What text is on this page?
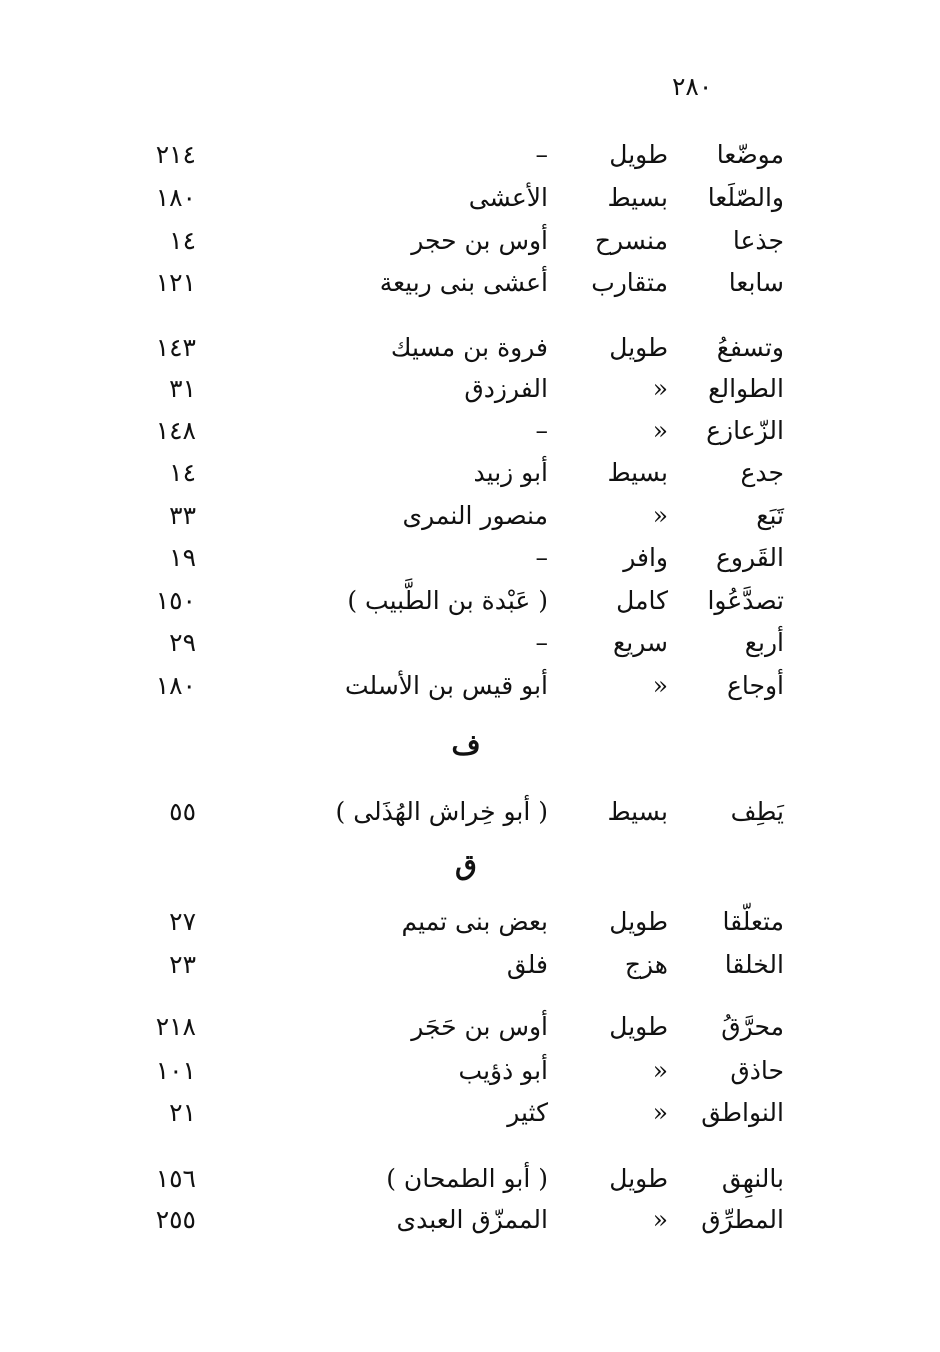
٢٨٠
موضّعا
طويل
–
٢١٤
والصّلَعا
بسيط
الأعشى
١٨٠
جذعا
منسرح
أوس بن حجر
١٤
سابعا
متقارب
أعشى بنى ربيعة
١٢١
وتسفعُ
طويل
فروة بن مسيك
١٤٣
الطوالع
«
الفرزدق
٣١
الزّعازع
«
–
١٤٨
جدع
بسيط
أبو زبيد
١٤
تَبَع
«
منصور النمرى
٣٣
القَروع
وافر
–
١٩
تصدَّعُوا
كامل
( عَبْدة بن الطَّبيب )
١٥٠
أربع
سريع
–
٢٩
أوجاع
«
أبو قيس بن الأسلت
١٨٠
ف
يَطِف
بسيط
( أبو خِراش الهُذَلى )
٥٥
ق
متعلّقا
طويل
بعض بنى تميم
٢٧
الخلقا
هزج
فلق
٢٣
محرَّقُ
طويل
أوس بن حَجَر
٢١٨
حاذق
«
أبو ذؤيب
١٠١
النواطق
«
كثير
٢١
بالنهِق
طويل
( أبو الطمحان )
١٥٦
المطرِّق
«
الممزّق العبدى
٢٥٥
